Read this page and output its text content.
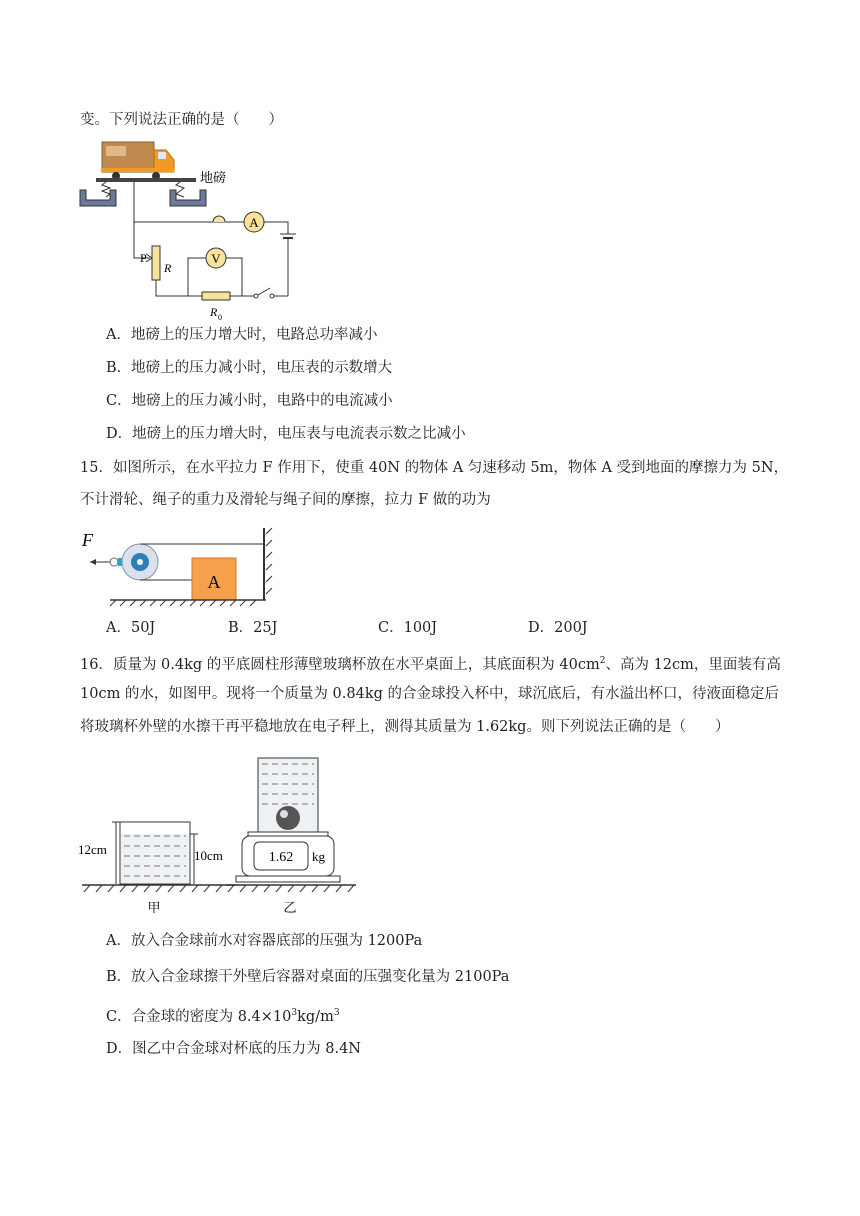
变。下列说法正确的是（　　）
地磅
V
A
P
R
R 0
A．地磅上的压力增大时，电路总功率减小
B．地磅上的压力减小时，电压表的示数增大
C．地磅上的压力减小时，电路中的电流减小
D．地磅上的压力增大时，电压表与电流表示数之比减小
15．如图所示，在水平拉力 F 作用下，使重 40N 的物体 A 匀速移动 5m，物体 A 受到地面的摩擦力为 5N，
不计滑轮、绳子的重力及滑轮与绳子间的摩擦，拉力 F 做的功为
F
A
A．50J	B．25J	C．100J	D．200J
16．质量为 0.4kg 的平底圆柱形薄壁玻璃杯放在水平桌面上，其底面积为 $40cm^2$、高为 12cm，里面装有高
10cm 的水，如图甲。现将一个质量为 0.84kg 的合金球投入杯中，球沉底后，有水溢出杯口，待液面稳定后
将玻璃杯外壁的水擦干再平稳地放在电子秤上，测得其质量为 1.62kg。则下列说法正确的是（　　）
12cm	10cm
甲
1.62 kg
乙
A．放入合金球前水对容器底部的压强为 1200Pa
B．放入合金球擦干外壁后容器对桌面的压强变化量为 2100Pa
C．合金球的密度为 $8.4\times 10^3kg/m^3$
D．图乙中合金球对杯底的压力为 8.4N
